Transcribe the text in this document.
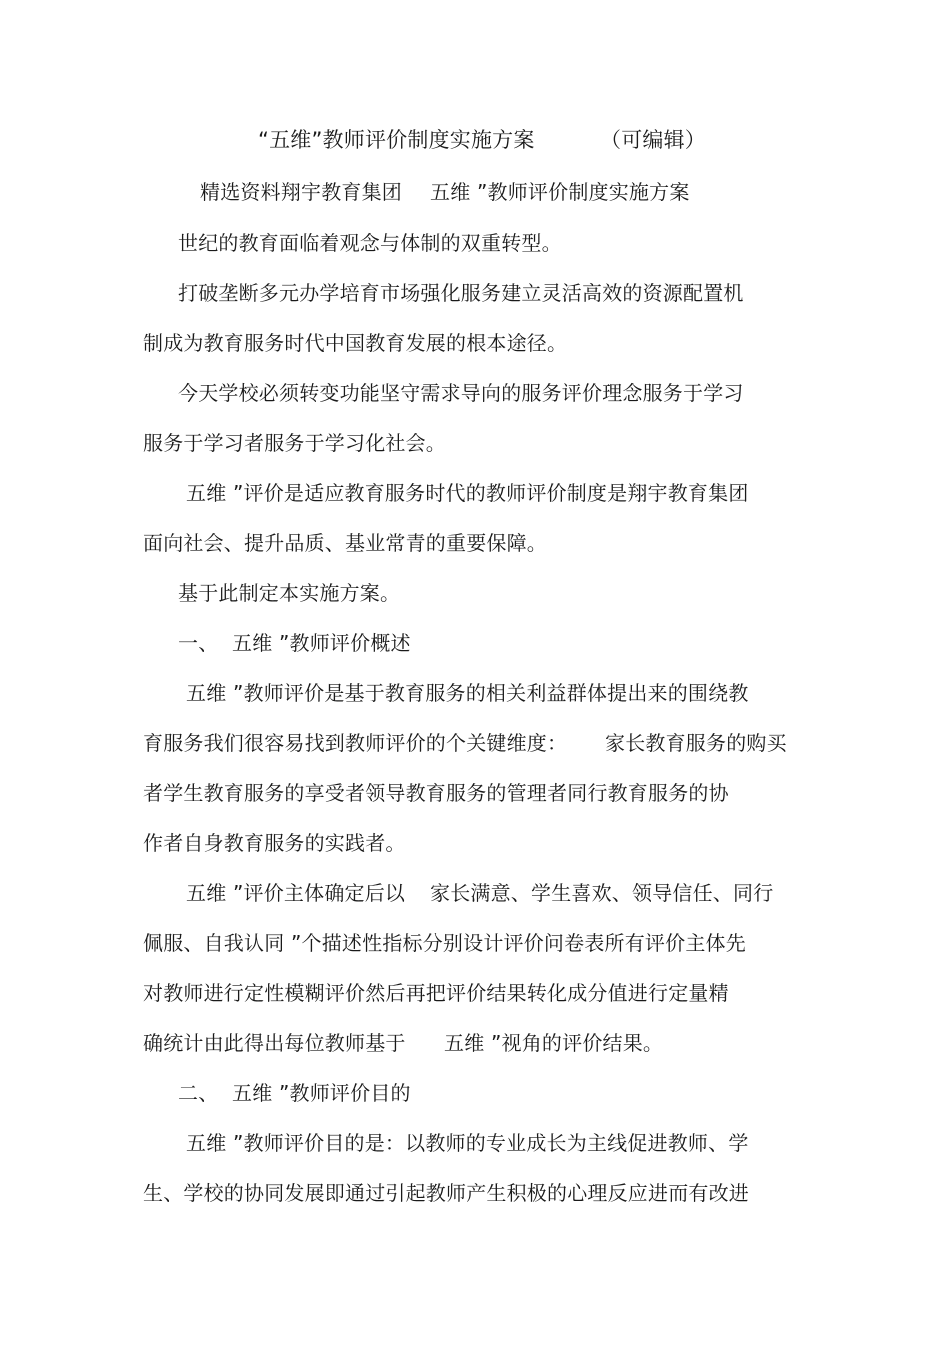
“五维”教师评价制度实施方案	（可编辑）
精选资料翔宇教育集团 五维 ”教师评价制度实施方案
世纪的教育面临着观念与体制的双重转型。
打破垄断多元办学培育市场强化服务建立灵活高效的资源配置机
制成为教育服务时代中国教育发展的根本途径。
今天学校必须转变功能坚守需求导向的服务评价理念服务于学习
服务于学习者服务于学习化社会。
五维 ”评价是适应教育服务时代的教师评价制度是翔宇教育集团
面向社会、提升品质、基业常青的重要保障。
基于此制定本实施方案。
一、 五维 ”教师评价概述
五维 ”教师评价是基于教育服务的相关利益群体提出来的围绕教
育服务我们很容易找到教师评价的个关键维度： 家长教育服务的购买
者学生教育服务的享受者领导教育服务的管理者同行教育服务的协
作者自身教育服务的实践者。
五维 ”评价主体确定后以 家长满意、学生喜欢、领导信任、同行
佩服、自我认同 ”个描述性指标分别设计评价问卷表所有评价主体先
对教师进行定性模糊评价然后再把评价结果转化成分值进行定量精
确统计由此得出每位教师基于 五维 ”视角的评价结果。
二、 五维 ”教师评价目的
五维 ”教师评价目的是：以教师的专业成长为主线促进教师、学
生、学校的协同发展即通过引起教师产生积极的心理反应进而有改进
